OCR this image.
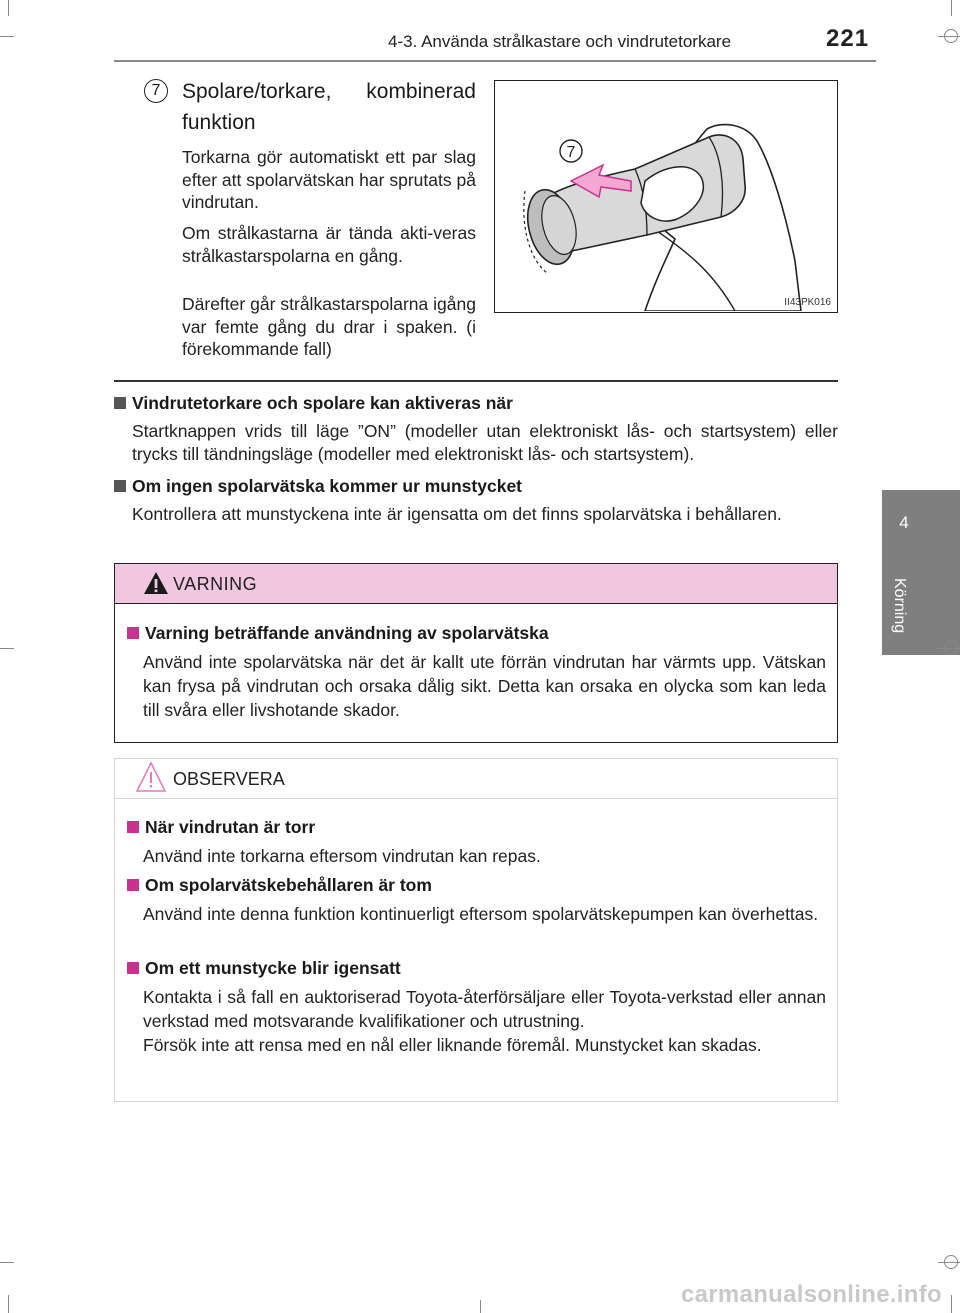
4-3. Använda strålkastare och vindrutetorkare	221
4
Körning
7	Spolare/torkare, kombinerad funktion
Torkarna gör automatiskt ett par slag efter att spolarvätskan har sprutats på vindrutan.
Om strålkastarna är tända akti-veras strålkastarspolarna en gång.
Därefter går strålkastarspolarna igång var femte gång du drar i spaken. (i förekommande fall)
7
II43PK016
Vindrutetorkare och spolare kan aktiveras när
Startknappen vrids till läge ”ON” (modeller utan elektroniskt lås- och startsystem) eller trycks till tändningsläge (modeller med elektroniskt lås- och startsystem).
Om ingen spolarvätska kommer ur munstycket
Kontrollera att munstyckena inte är igensatta om det finns spolarvätska i behållaren.
VARNING
Varning beträffande användning av spolarvätska
Använd inte spolarvätska när det är kallt ute förrän vindrutan har värmts upp. Vätskan kan frysa på vindrutan och orsaka dålig sikt. Detta kan orsaka en olycka som kan leda till svåra eller livshotande skador.
OBSERVERA
När vindrutan är torr
Använd inte torkarna eftersom vindrutan kan repas.
Om spolarvätskebehållaren är tom
Använd inte denna funktion kontinuerligt eftersom spolarvätskepumpen kan överhettas.
Om ett munstycke blir igensatt
Kontakta i så fall en auktoriserad Toyota-återförsäljare eller Toyota-verkstad eller annan verkstad med motsvarande kvalifikationer och utrustning.
Försök inte att rensa med en nål eller liknande föremål. Munstycket kan skadas.
carmanualsonline.info
